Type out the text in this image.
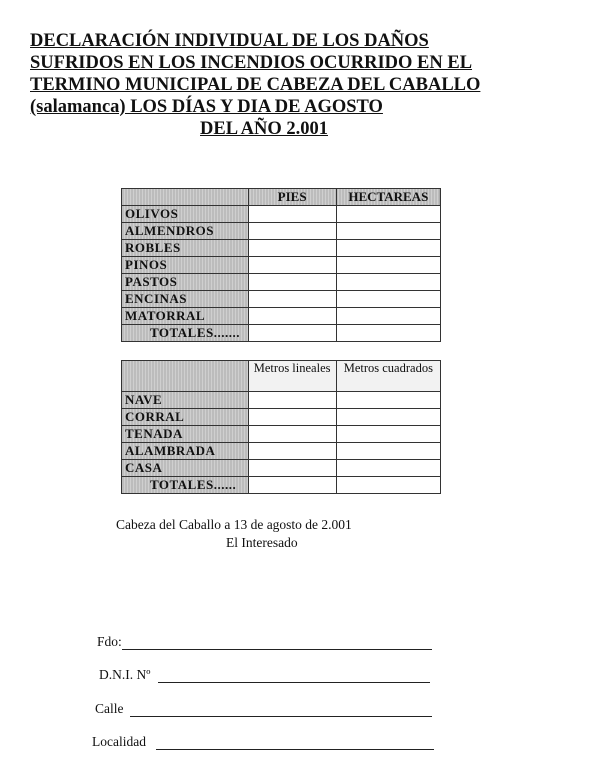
DECLARACIÓN INDIVIDUAL DE LOS DAÑOS
SUFRIDOS EN LOS INCENDIOS OCURRIDO EN EL
TERMINO MUNICIPAL DE CABEZA DEL CABALLO
(salamanca) LOS DÍAS Y DIA DE AGOSTO
DEL AÑO 2.001
	PIES	HECTAREAS
OLIVOS		
ALMENDROS		
ROBLES		
PINOS		
PASTOS		
ENCINAS		
MATORRAL		
TOTALES.......		
	Metros lineales	Metros cuadrados
NAVE		
CORRAL		
TENADA		
ALAMBRADA		
CASA		
TOTALES......		
Cabeza del Caballo a 13 de agosto de 2.001
El Interesado
Fdo:
D.N.I. Nº
Calle
Localidad
